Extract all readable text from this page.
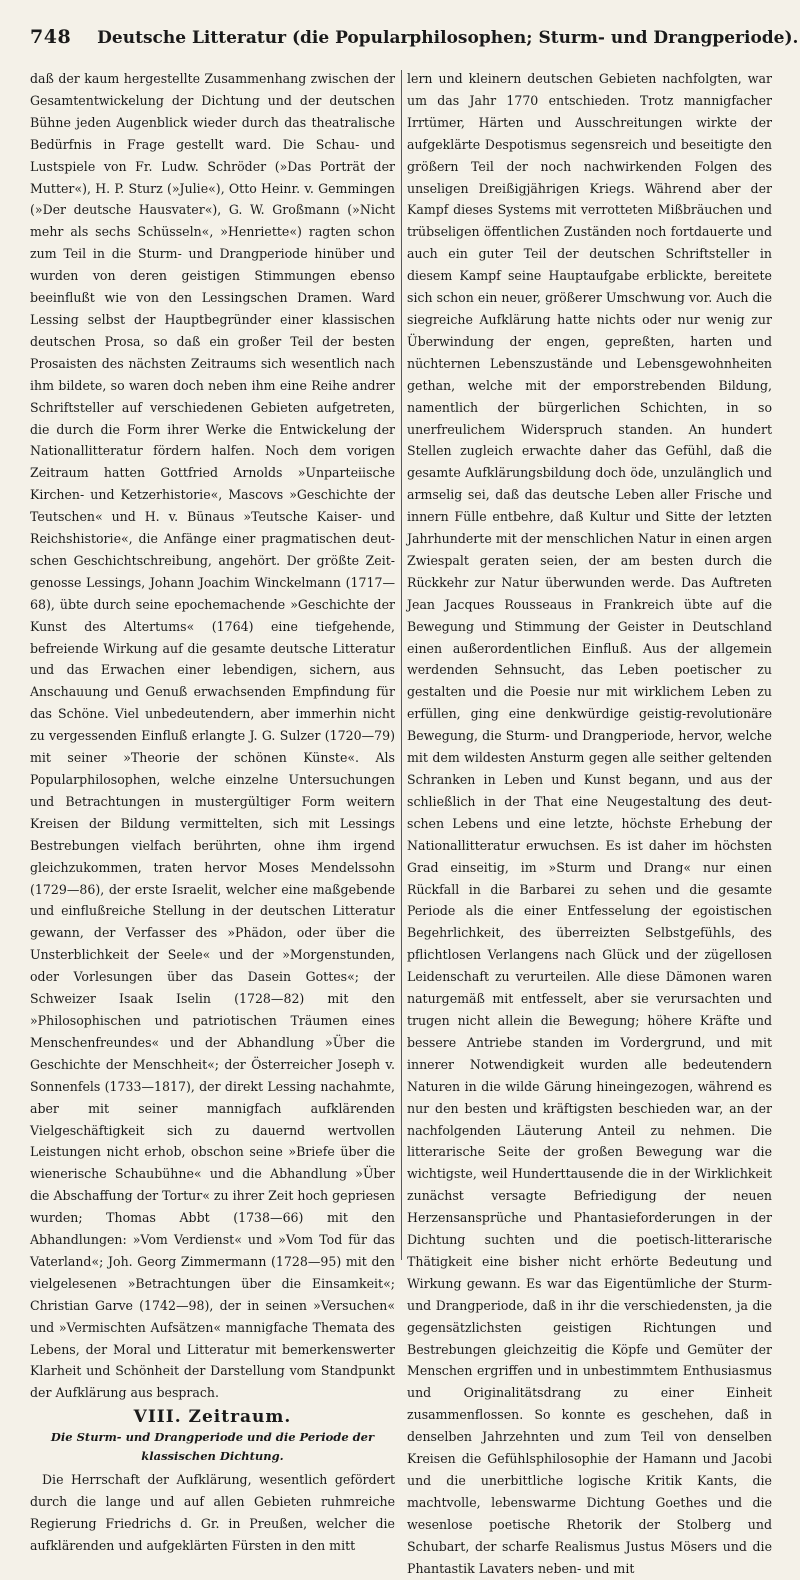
748 Deutsche Litteratur (die Popularphilosophen; Sturm- und Drangperiode).

daß der kaum hergestellte Zusammenhang zwischen der Gesamtentwickelung der Dichtung und der deutschen Bühne jeden Augenblick wieder durch das theatralische Bedürfnis in Frage gestellt ward. Die Schau- und Lustspiele von Fr. Ludw. Schröder (»Das Porträt der Mutter«), H. P. Sturz (»Julie«), Otto Heinr. v. Gemmingen (»Der deutsche Hausvater«), G. W. Großmann (»Nicht mehr als sechs Schüsseln«, »Henriette«) ragten schon zum Teil in die Sturm- und Drangperiode hinüber und wurden von deren geistigen Stimmungen ebenso beeinflußt wie von den Lessingschen Dramen. Ward Lessing selbst der Hauptbegründer einer klassischen deutschen Prosa, so daß ein großer Teil der besten Prosaisten des nächsten Zeitraums sich wesentlich nach ihm bildete, so waren doch neben ihm eine Reihe andrer Schriftsteller auf verschiedenen Gebieten aufgetreten, die durch die Form ihrer Werke die Entwickelung der Nationallitteratur fördern halfen. Noch dem vorigen Zeitraum hatten Gottfried Arnolds »Unparteiische Kirchen- und Ketzerhistorie«, Mascovs »Geschichte der Teutschen« und H. v. Bünaus »Teutsche Kaiser- und Reichshistorie«, die Anfänge einer pragmatischen deutschen Geschichtschreibung, angehört. Der größte Zeitgenosse Lessings, Johann Joachim Winckelmann (1717—68), übte durch seine epochemachende »Geschichte der Kunst des Altertums« (1764) eine tiefgehende, befreiende Wirkung auf die gesamte deutsche Litteratur und das Erwachen einer lebendigen, sichern, aus Anschauung und Genuß erwachsenden Empfindung für das Schöne. Viel unbedeutendern, aber immerhin nicht zu vergessenden Einfluß erlangte J. G. Sulzer (1720—79) mit seiner »Theorie der schönen Künste«. Als Popularphilosophen, welche einzelne Untersuchungen und Betrachtungen in mustergültiger Form weitern Kreisen der Bildung vermittelten, sich mit Lessings Bestrebungen vielfach berührten, ohne ihm irgend gleichzukommen, traten hervor Moses Mendelssohn (1729—86), der erste Israelit, welcher eine maßgebende und einflußreiche Stellung in der deutschen Litteratur gewann, der Verfasser des »Phädon, oder über die Unsterblichkeit der Seele« und der »Morgenstunden, oder Vorlesungen über das Dasein Gottes«; der Schweizer Isaak Iselin (1728—82) mit den »Philosophischen und patriotischen Träumen eines Menschenfreundes« und der Abhandlung »Über die Geschichte der Menschheit«; der Österreicher Joseph v. Sonnenfels (1733—1817), der direkt Lessing nachahmte, aber mit seiner mannigfach aufklärenden Vielgeschäftigkeit sich zu dauernd wertvollen Leistungen nicht erhob, obschon seine »Briefe über die wienerische Schaubühne« und die Abhandlung »Über die Abschaffung der Tortur« zu ihrer Zeit hoch gepriesen wurden; Thomas Abbt (1738—66) mit den Abhandlungen: »Vom Verdienst« und »Vom Tod für das Vaterland«; Joh. Georg Zimmermann (1728—95) mit den vielgelesenen »Betrachtungen über die Einsamkeit«; Christian Garve (1742—98), der in seinen »Versuchen« und »Vermischten Aufsätzen« mannigfache Themata des Lebens, der Moral und Litteratur mit bemerkenswerter Klarheit und Schönheit der Darstellung vom Standpunkt der Aufklärung aus besprach.

VIII. Zeitraum.
Die Sturm- und Drangperiode und die Periode der klassischen Dichtung.

Die Herrschaft der Aufklärung, wesentlich gefördert durch die lange und auf allen Gebieten ruhmreiche Regierung Friedrichs d. Gr. in Preußen, welcher die aufklärenden und aufgeklärten Fürsten in den mitt

lern und kleinern deutschen Gebieten nachfolgten, war um das Jahr 1770 entschieden. Trotz mannigfacher Irrtümer, Härten und Ausschreitungen wirkte der aufgeklärte Despotismus segensreich und beseitigte den größern Teil der noch nachwirkenden Folgen des unseligen Dreißigjährigen Kriegs. Während aber der Kampf dieses Systems mit verrotteten Mißbräuchen und trübseligen öffentlichen Zuständen noch fortdauerte und auch ein guter Teil der deutschen Schriftsteller in diesem Kampf seine Hauptaufgabe erblickte, bereitete sich schon ein neuer, größerer Umschwung vor. Auch die siegreiche Aufklärung hatte nichts oder nur wenig zur Überwindung der engen, gepreßten, harten und nüchternen Lebenszustände und Lebensgewohnheiten gethan, welche mit der emporstrebenden Bildung, namentlich der bürgerlichen Schichten, in so unerfreulichem Widerspruch standen. An hundert Stellen zugleich erwachte daher das Gefühl, daß die gesamte Aufklärungsbildung doch öde, unzulänglich und armselig sei, daß das deutsche Leben aller Frische und innern Fülle entbehre, daß Kultur und Sitte der letzten Jahrhunderte mit der menschlichen Natur in einen argen Zwiespalt geraten seien, der am besten durch die Rückkehr zur Natur überwunden werde. Das Auftreten Jean Jacques Rousseaus in Frankreich übte auf die Bewegung und Stimmung der Geister in Deutschland einen außerordentlichen Einfluß. Aus der allgemein werdenden Sehnsucht, das Leben poetischer zu gestalten und die Poesie nur mit wirklichem Leben zu erfüllen, ging eine denkwürdige geistig-revolutionäre Bewegung, die Sturm- und Drangperiode, hervor, welche mit dem wildesten Ansturm gegen alle seither geltenden Schranken in Leben und Kunst begann, und aus der schließlich in der That eine Neugestaltung des deutschen Lebens und eine letzte, höchste Erhebung der Nationallitteratur erwuchsen. Es ist daher im höchsten Grad einseitig, im »Sturm und Drang« nur einen Rückfall in die Barbarei zu sehen und die gesamte Periode als die einer Entfesselung der egoistischen Begehrlichkeit, des überreizten Selbstgefühls, des pflichtlosen Verlangens nach Glück und der zügellosen Leidenschaft zu verurteilen. Alle diese Dämonen waren naturgemäß mit entfesselt, aber sie verursachten und trugen nicht allein die Bewegung; höhere Kräfte und bessere Antriebe standen im Vordergrund, und mit innerer Notwendigkeit wurden alle bedeutendern Naturen in die wilde Gärung hineingezogen, während es nur den besten und kräftigsten beschieden war, an der nachfolgenden Läuterung Anteil zu nehmen. Die litterarische Seite der großen Bewegung war die wichtigste, weil Hunderttausende die in der Wirklichkeit zunächst versagte Befriedigung der neuen Herzensansprüche und Phantasieforderungen in der Dichtung suchten und die poetisch-litterarische Thätigkeit eine bisher nicht erhörte Bedeutung und Wirkung gewann. Es war das Eigentümliche der Sturm- und Drangperiode, daß in ihr die verschiedensten, ja die gegensätzlichsten geistigen Richtungen und Bestrebungen gleichzeitig die Köpfe und Gemüter der Menschen ergriffen und in unbestimmtem Enthusiasmus und Originalitätsdrang zu einer Einheit zusammenflossen. So konnte es geschehen, daß in denselben Jahrzehnten und zum Teil von denselben Kreisen die Gefühlsphilosophie der Hamann und Jacobi und die unerbittliche logische Kritik Kants, die machtvolle, lebenswarme Dichtung Goethes und die wesenlose poetische Rhetorik der Stolberg und Schubart, der scharfe Realismus Justus Mösers und die Phantastik Lavaters neben- und mit
